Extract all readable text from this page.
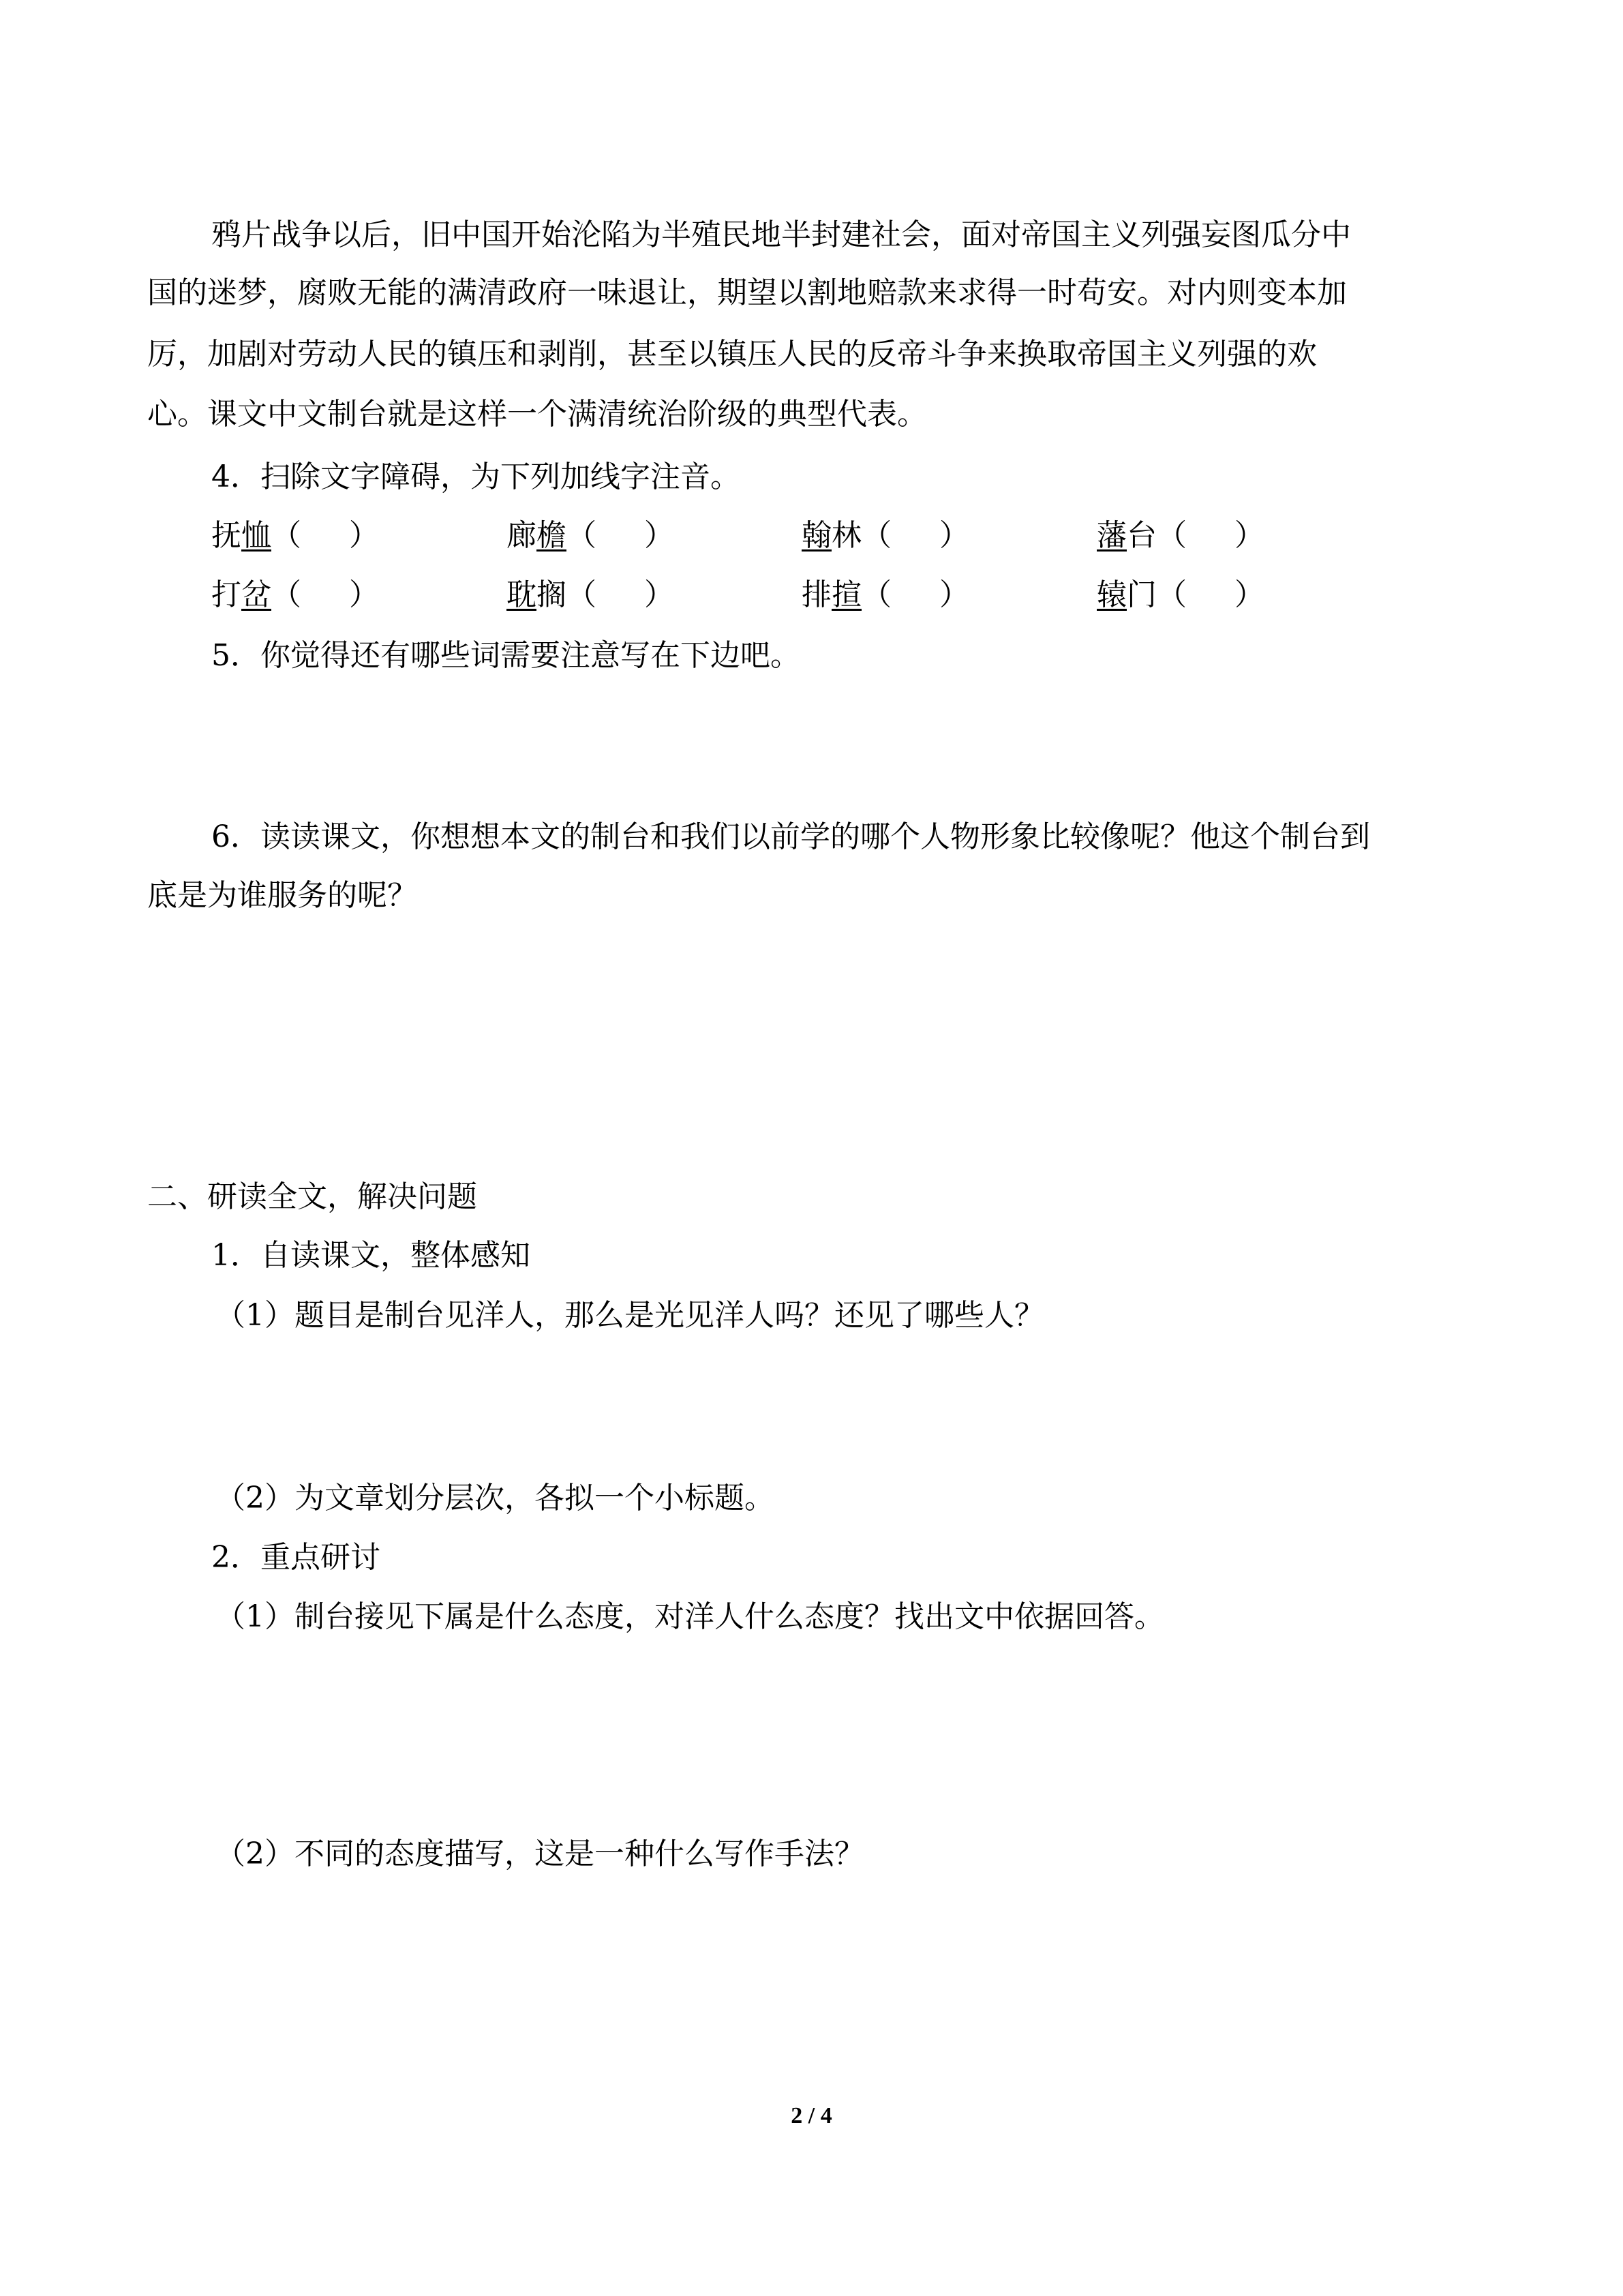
鸦片战争以后，旧中国开始沦陷为半殖民地半封建社会，面对帝国主义列强妄图瓜分中
国的迷梦，腐败无能的满清政府一味退让，期望以割地赔款来求得一时苟安。对内则变本加
厉，加剧对劳动人民的镇压和剥削，甚至以镇压人民的反帝斗争来换取帝国主义列强的欢
心。课文中文制台就是这样一个满清统治阶级的典型代表。
4．扫除文字障碍，为下列加线字注音。
抚恤（ ）	廊檐（ ）	翰林（ ）	藩台（ ）
打岔（ ）	耽搁（ ）	排揎（ ）	辕门（ ）
5．你觉得还有哪些词需要注意写在下边吧。
6．读读课文，你想想本文的制台和我们以前学的哪个人物形象比较像呢？他这个制台到
底是为谁服务的呢？
二、研读全文，解决问题
1．自读课文，整体感知
（1）题目是制台见洋人，那么是光见洋人吗？还见了哪些人？
（2）为文章划分层次，各拟一个小标题。
2．重点研讨
（1）制台接见下属是什么态度，对洋人什么态度？找出文中依据回答。
（2）不同的态度描写，这是一种什么写作手法？
2 / 4
